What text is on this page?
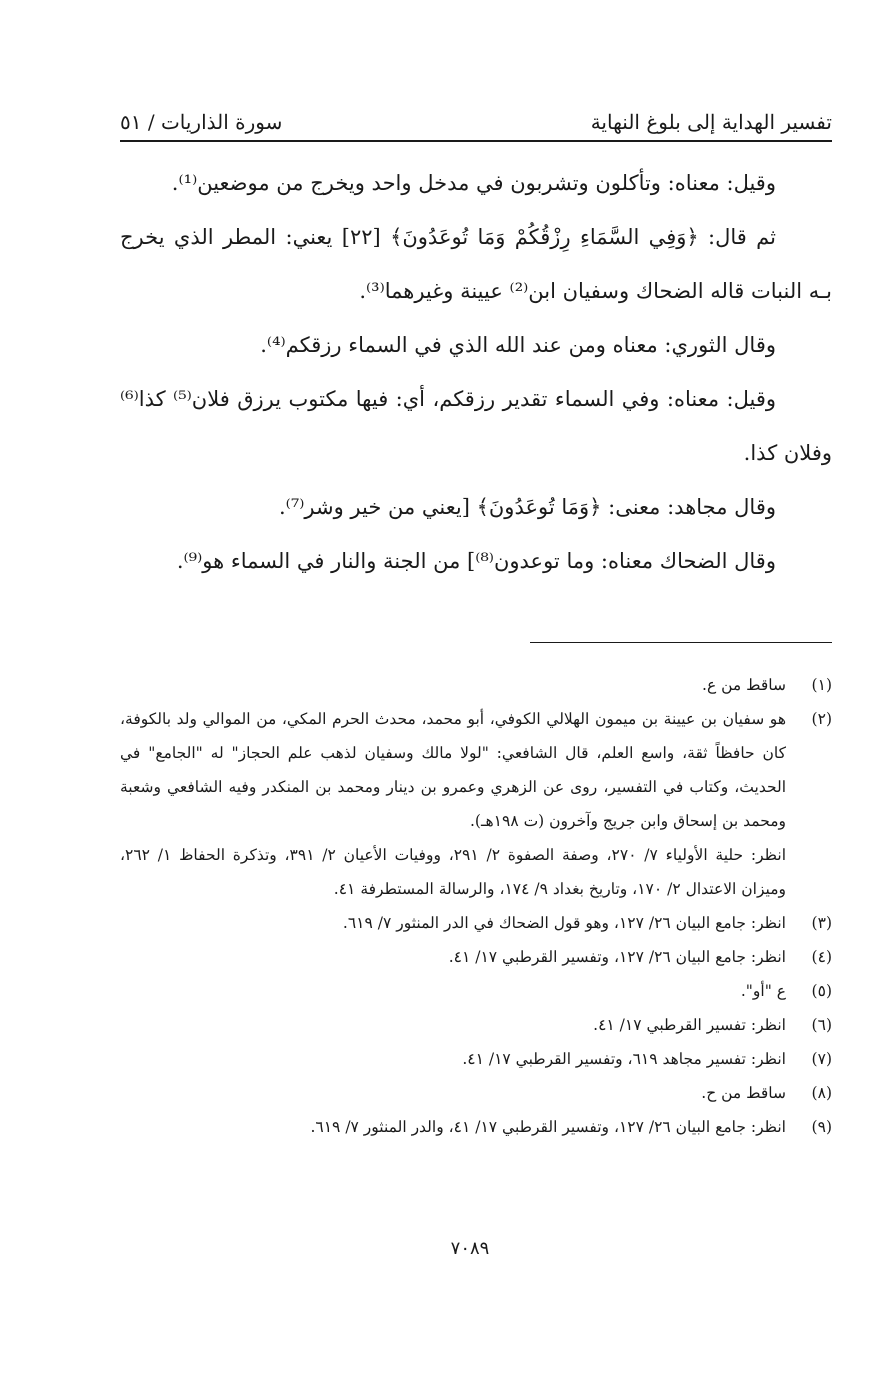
تفسير الهداية إلى بلوغ النهاية
سورة الذاريات / ٥١

وقيل: معناه: وتأكلون وتشربون في مدخل واحد ويخرج من موضعين⁽¹⁾.

ثم قال: ﴿وَفِي السَّمَاءِ رِزْقُكُمْ وَمَا تُوعَدُونَ﴾ [٢٢] يعني: المطر الذي يخرج بـه النبات قاله الضحاك وسفيان ابن⁽²⁾ عيينة وغيرهما⁽³⁾.

وقال الثوري: معناه ومن عند الله الذي في السماء رزقكم⁽⁴⁾.

وقيل: معناه: وفي السماء تقدير رزقكم، أي: فيها مكتوب يرزق فلان⁽⁵⁾ كذا⁽⁶⁾ وفلان كذا.

وقال مجاهد: معنى: ﴿وَمَا تُوعَدُونَ﴾ [يعني من خير وشر⁽⁷⁾.

وقال الضحاك معناه: وما توعدون⁽⁸⁾] من الجنة والنار في السماء هو⁽⁹⁾.

(١)
ساقط من ع.
(٢)
هو سفيان بن عيينة بن ميمون الهلالي الكوفي، أبو محمد، محدث الحرم المكي، من الموالي ولد بالكوفة، كان حافظاً ثقة، واسع العلم، قال الشافعي: "لولا مالك وسفيان لذهب علم الحجاز" له "الجامع" في الحديث، وكتاب في التفسير، روى عن الزهري وعمرو بن دينار ومحمد بن المنكدر وفيه الشافعي وشعبة ومحمد بن إسحاق وابن جريج وآخرون (ت ١٩٨هـ).

انظر: حلية الأولياء ٧/ ٢٧٠، وصفة الصفوة ٢/ ٢٩١، ووفيات الأعيان ٢/ ٣٩١، وتذكرة الحفاظ ١/ ٢٦٢، وميزان الاعتدال ٢/ ١٧٠، وتاريخ بغداد ٩/ ١٧٤، والرسالة المستطرفة ٤١.

(٣)
انظر: جامع البيان ٢٦/ ١٢٧، وهو قول الضحاك في الدر المنثور ٧/ ٦١٩.
(٤)
انظر: جامع البيان ٢٦/ ١٢٧، وتفسير القرطبي ١٧/ ٤١.
(٥)
ع "أو".
(٦)
انظر: تفسير القرطبي ١٧/ ٤١.
(٧)
انظر: تفسير مجاهد ٦١٩، وتفسير القرطبي ١٧/ ٤١.
(٨)
ساقط من ح.
(٩)
انظر: جامع البيان ٢٦/ ١٢٧، وتفسير القرطبي ١٧/ ٤١، والدر المنثور ٧/ ٦١٩.
٧٠٨٩
